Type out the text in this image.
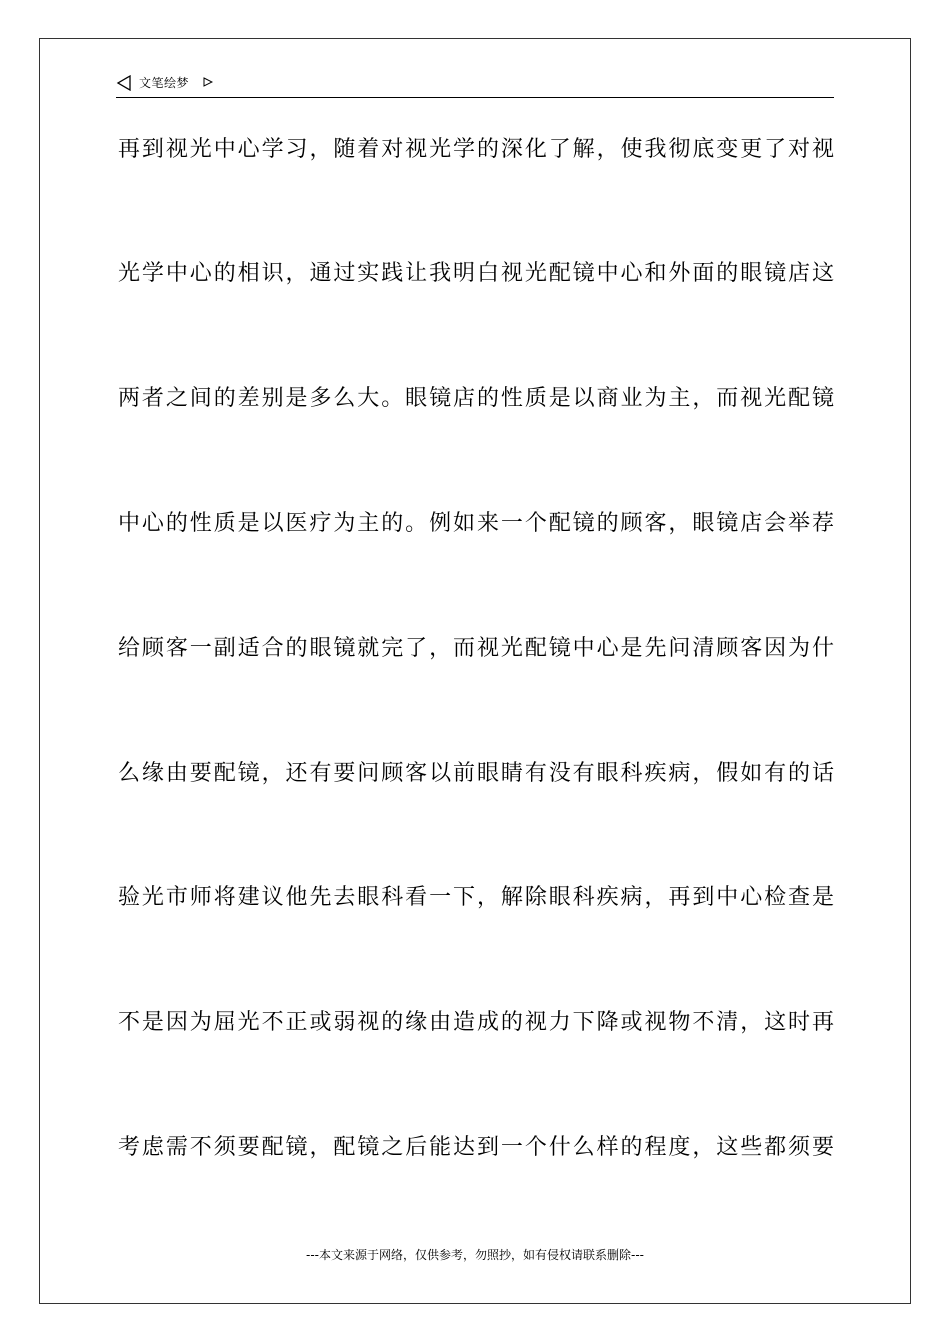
文笔绘梦
再到视光中心学习，随着对视光学的深化了解，使我彻底变更了对视
光学中心的相识，通过实践让我明白视光配镜中心和外面的眼镜店这
两者之间的差别是多么大。眼镜店的性质是以商业为主，而视光配镜
中心的性质是以医疗为主的。例如来一个配镜的顾客，眼镜店会举荐
给顾客一副适合的眼镜就完了，而视光配镜中心是先问清顾客因为什
么缘由要配镜，还有要问顾客以前眼睛有没有眼科疾病，假如有的话
验光市师将建议他先去眼科看一下，解除眼科疾病，再到中心检查是
不是因为屈光不正或弱视的缘由造成的视力下降或视物不清，这时再
考虑需不须要配镜，配镜之后能达到一个什么样的程度，这些都须要
---本文来源于网络，仅供参考，勿照抄，如有侵权请联系删除---
